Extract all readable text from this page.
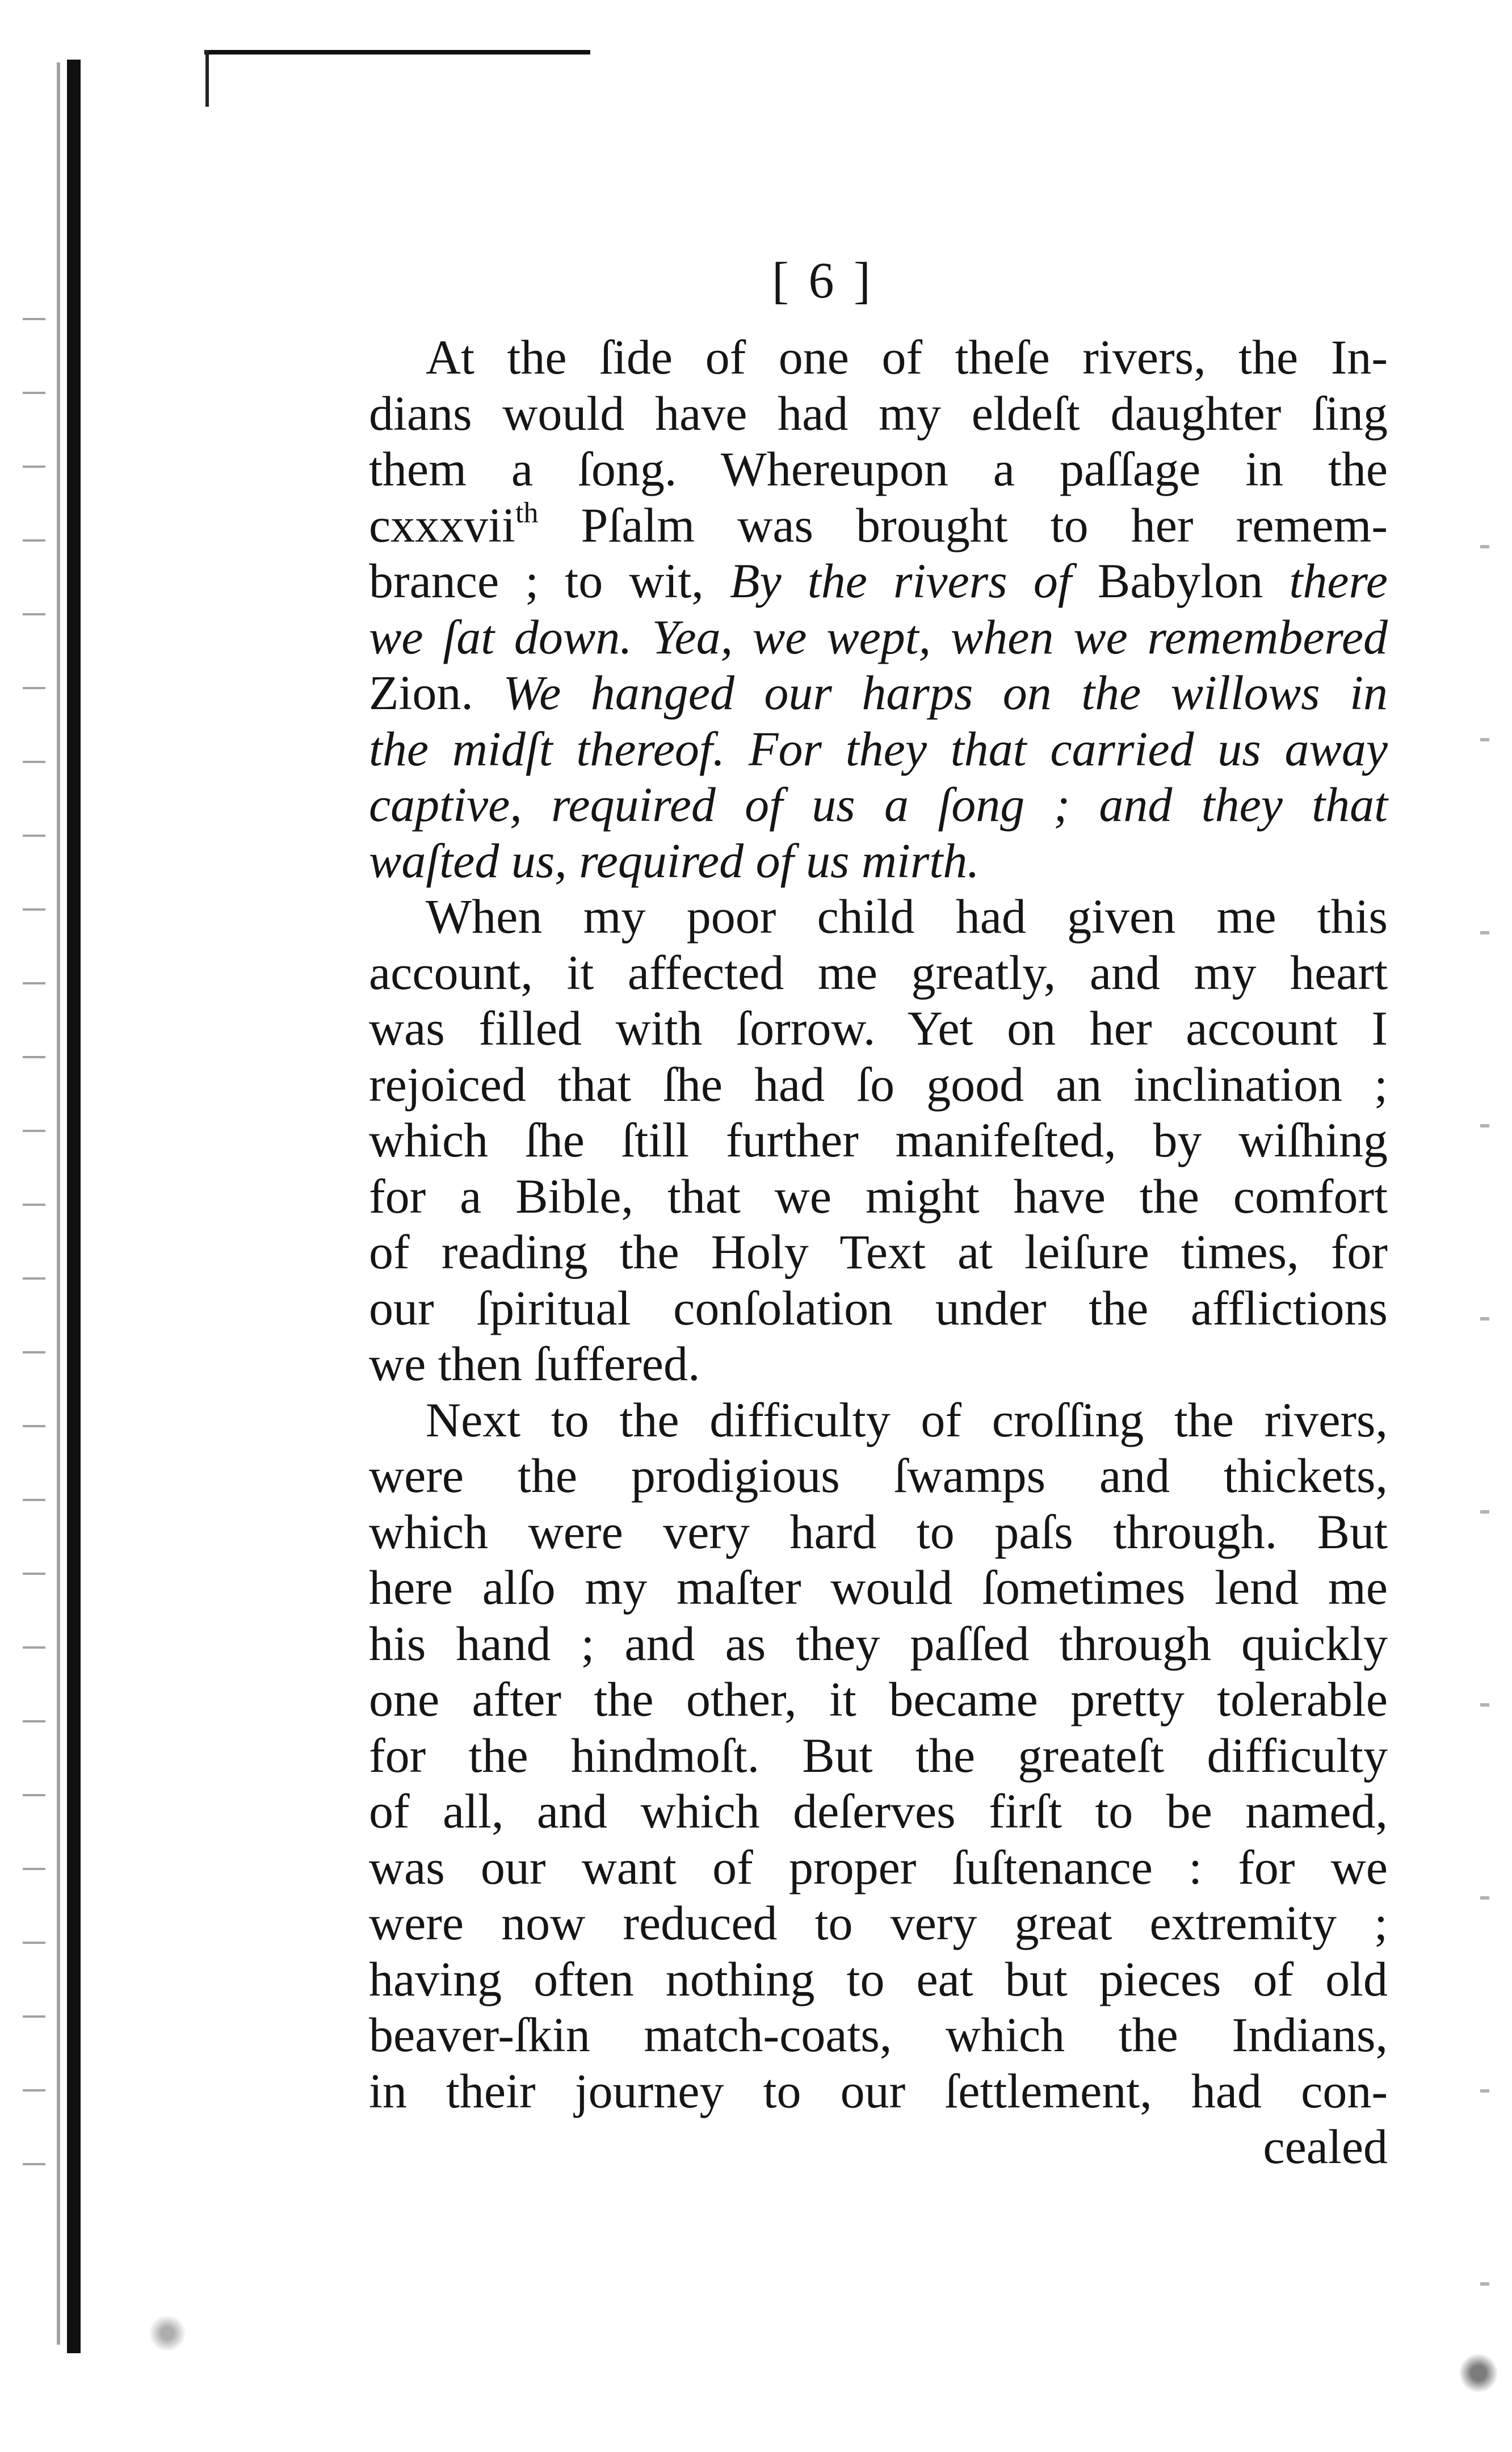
[ 6 ]
At the ſide of one of theſe rivers, the In-
dians would have had my eldeſt daughter ſing
them a ſong. Whereupon a paſſage in the
cxxxvii$^{th}$ Pſalm was brought to her remem-
brance ; to wit, By the rivers of Babylon there
we ſat down. Yea, we wept, when we remembered
Zion. We hanged our harps on the willows in
the midſt thereof. For they that carried us away
captive, required of us a ſong ; and they that
waſted us, required of us mirth.
When my poor child had given me this
account, it affected me greatly, and my heart
was filled with ſorrow. Yet on her account I
rejoiced that ſhe had ſo good an inclination ;
which ſhe ſtill further manifeſted, by wiſhing
for a Bible, that we might have the comfort
of reading the Holy Text at leiſure times, for
our ſpiritual conſolation under the afflictions
we then ſuffered.
Next to the difficulty of croſſing the rivers,
were the prodigious ſwamps and thickets,
which were very hard to paſs through. But
here alſo my maſter would ſometimes lend me
his hand ; and as they paſſed through quickly
one after the other, it became pretty tolerable
for the hindmoſt. But the greateſt difficulty
of all, and which deſerves firſt to be named,
was our want of proper ſuſtenance : for we
were now reduced to very great extremity ;
having often nothing to eat but pieces of old
beaver-ſkin match-coats, which the Indians,
in their journey to our ſettlement, had con-
cealed
